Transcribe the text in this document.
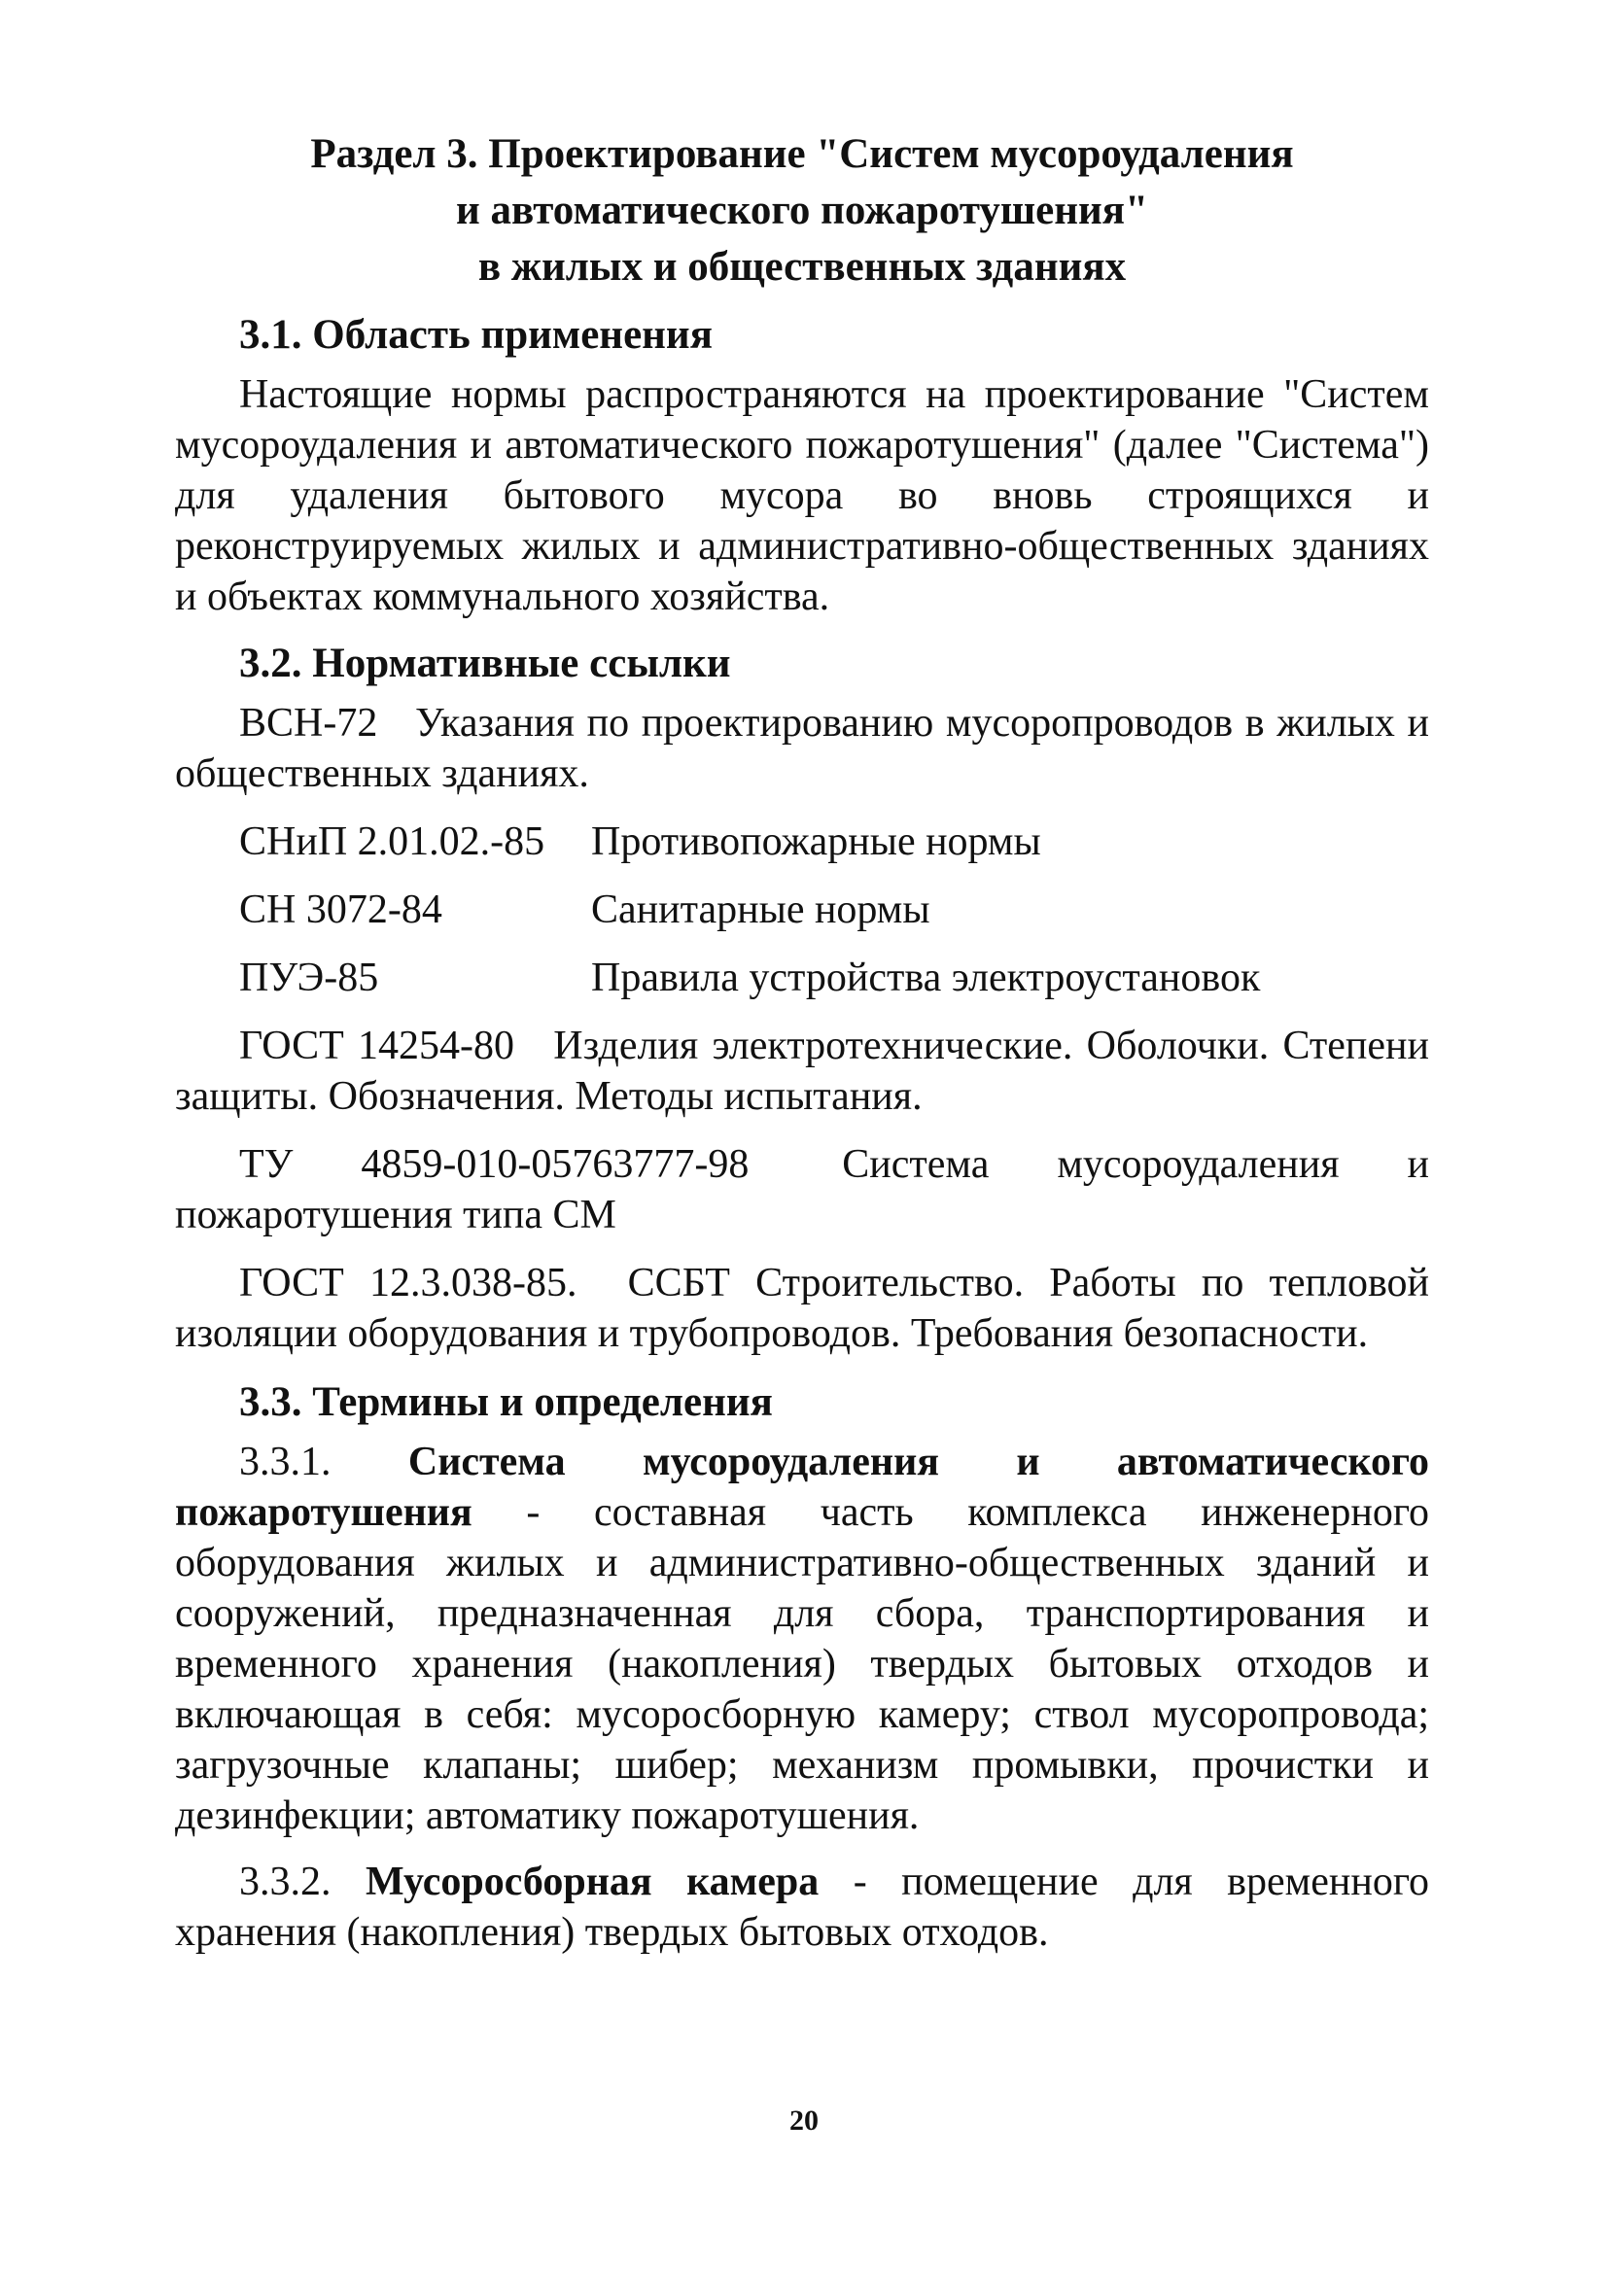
Раздел 3. Проектирование "Систем мусороудаления
и автоматического пожаротушения"
в жилых и общественных зданиях
3.1. Область применения

Настоящие нормы распространяются на проектирование "Систем мусороудаления и автоматического пожаротушения" (далее "Система") для удаления бытового мусора во вновь строящихся и реконструируемых жилых и административно-общественных зданиях и объектах коммунального хозяйства.

3.2. Нормативные ссылки
ВСН-72 Указания по проектированию мусоропроводов в жилых и общественных зданиях.
СНиП 2.01.02.-85	Противопожарные нормы
СН 3072-84	Санитарные нормы
ПУЭ-85	Правила устройства электроустановок
ГОСТ 14254-80 Изделия электротехнические. Оболочки. Степени защиты. Обозначения. Методы испытания.
ТУ 4859-010-05763777-98 Система мусороудаления и пожаротушения типа СМ
ГОСТ 12.3.038-85. ССБТ Строительство. Работы по тепловой изоляции оборудования и трубопроводов. Требования безопасности.
3.3. Термины и определения

3.3.1. Система мусороудаления и автоматического пожаротушения - составная часть комплекса инженерного оборудования жилых и административно-общественных зданий и сооружений, предназначенная для сбора, транспортирования и временного хранения (накопления) твердых бытовых отходов и включающая в себя: мусоросборную камеру; ствол мусоропровода; загрузочные клапаны; шибер; механизм промывки, прочистки и дезинфекции; автоматику пожаротушения.

3.3.2. Мусоросборная камера - помещение для временного хранения (накопления) твердых бытовых отходов.

20
